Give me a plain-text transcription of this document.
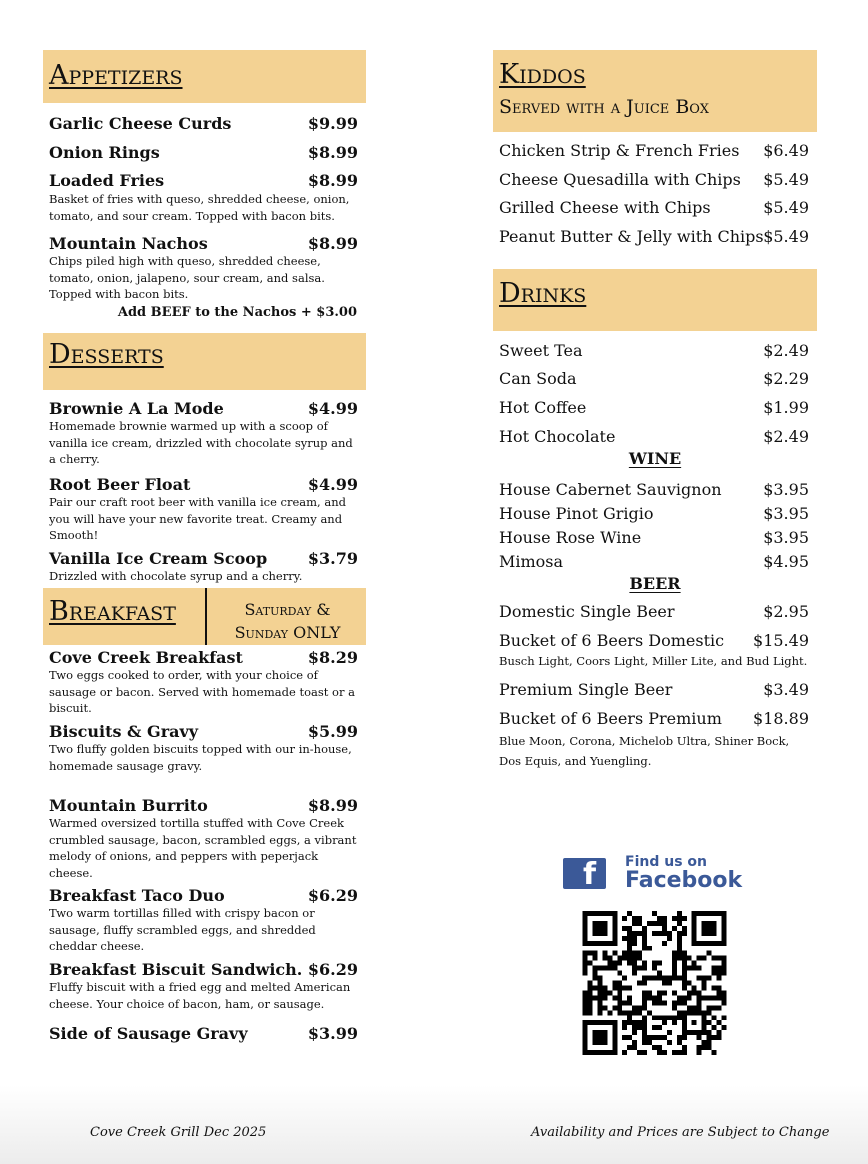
Appetizers
Garlic Cheese Curds	$9.99
Onion Rings	$8.99
Loaded Fries	$8.99
Basket of fries with queso, shredded cheese, onion, tomato, and sour cream. Topped with bacon bits.
Mountain Nachos	$8.99
Chips piled high with queso, shredded cheese, tomato, onion, jalapeno, sour cream, and salsa. Topped with bacon bits.
Add BEEF to the Nachos + $3.00
Desserts
Brownie A La Mode	$4.99
Homemade brownie warmed up with a scoop of vanilla ice cream, drizzled with chocolate syrup and a cherry.
Root Beer Float	$4.99
Pair our craft root beer with vanilla ice cream, and you will have your new favorite treat. Creamy and Smooth!
Vanilla Ice Cream Scoop	$3.79
Drizzled with chocolate syrup and a cherry.
Breakfast	Saturday &
Sunday ONLY
Cove Creek Breakfast	$8.29
Two eggs cooked to order, with your choice of sausage or bacon. Served with homemade toast or a biscuit.
Biscuits & Gravy	$5.99
Two fluffy golden biscuits topped with our in-house, homemade sausage gravy.
Mountain Burrito	$8.99
Warmed oversized tortilla stuffed with Cove Creek crumbled sausage, bacon, scrambled eggs, a vibrant melody of onions, and peppers with peperjack cheese.
Breakfast Taco Duo	$6.29
Two warm tortillas filled with crispy bacon or sausage, fluffy scrambled eggs, and shredded cheddar cheese.
Breakfast Biscuit Sandwich. $6.29
Fluffy biscuit with a fried egg and melted American cheese. Your choice of bacon, ham, or sausage.
Side of Sausage Gravy	$3.99
Kiddos
Served with a Juice Box
Chicken Strip & French Fries $6.49
Cheese Quesadilla with Chips $5.49
Grilled Cheese with Chips	$5.49
Peanut Butter & Jelly with Chips $5.49
Drinks
Sweet Tea	$2.49
Can Soda	$2.29
Hot Coffee	$1.99
Hot Chocolate	$2.49
WINE
House Cabernet Sauvignon	$3.95
House Pinot Grigio	$3.95
House Rose Wine	$3.95
Mimosa	$4.95
BEER
Domestic Single Beer	$2.95
Bucket of 6 Beers Domestic $15.49
Busch Light, Coors Light, Miller Lite, and Bud Light.
Premium Single Beer	$3.49
Bucket of 6 Beers Premium $18.89
Blue Moon, Corona, Michelob Ultra, Shiner Bock,
Dos Equis, and Yuengling.
f Find us on
Facebook
Cove Creek Grill Dec 2025	Availability and Prices are Subject to Change
